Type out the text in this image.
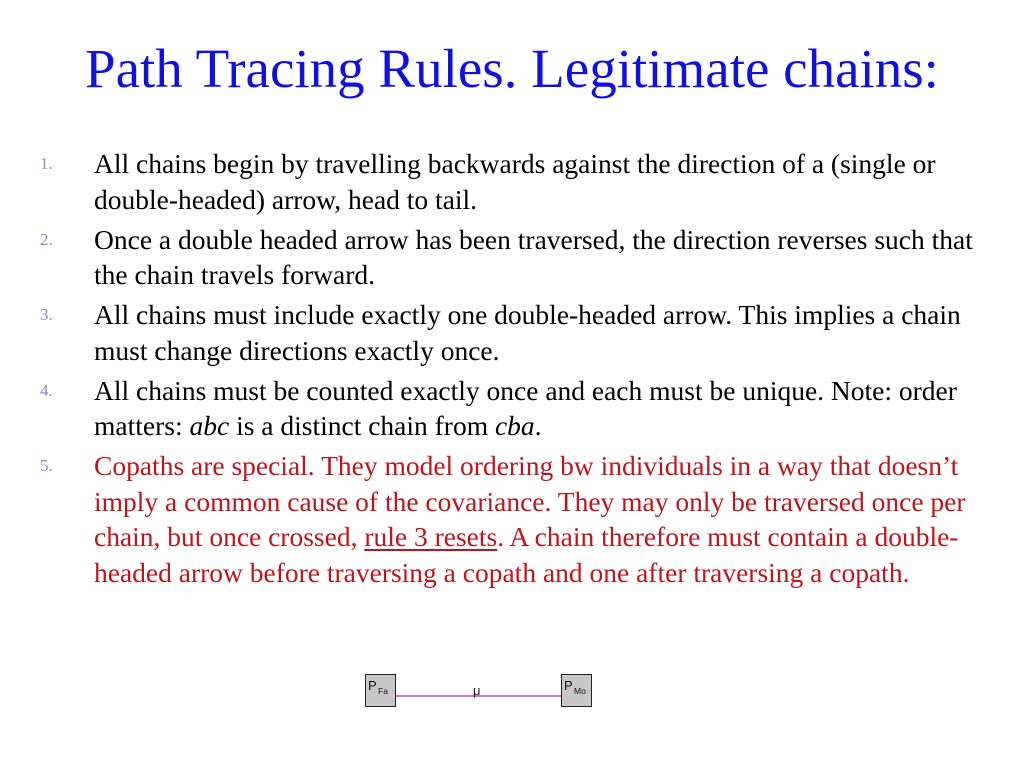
Path Tracing Rules. Legitimate chains:
1. All chains begin by travelling backwards against the direction of a (single or double-headed) arrow, head to tail.
2. Once a double headed arrow has been traversed, the direction reverses such that the chain travels forward.
3. All chains must include exactly one double-headed arrow. This implies a chain must change directions exactly once.
4. All chains must be counted exactly once and each must be unique. Note: order matters: abc is a distinct chain from cba.
5. Copaths are special. They model ordering bw individuals in a way that doesn’t imply a common cause of the covariance. They may only be traversed once per chain, but once crossed, rule 3 resets. A chain therefore must contain a double-headed arrow before traversing a copath and one after traversing a copath.
P Fa	μ	P Mo
